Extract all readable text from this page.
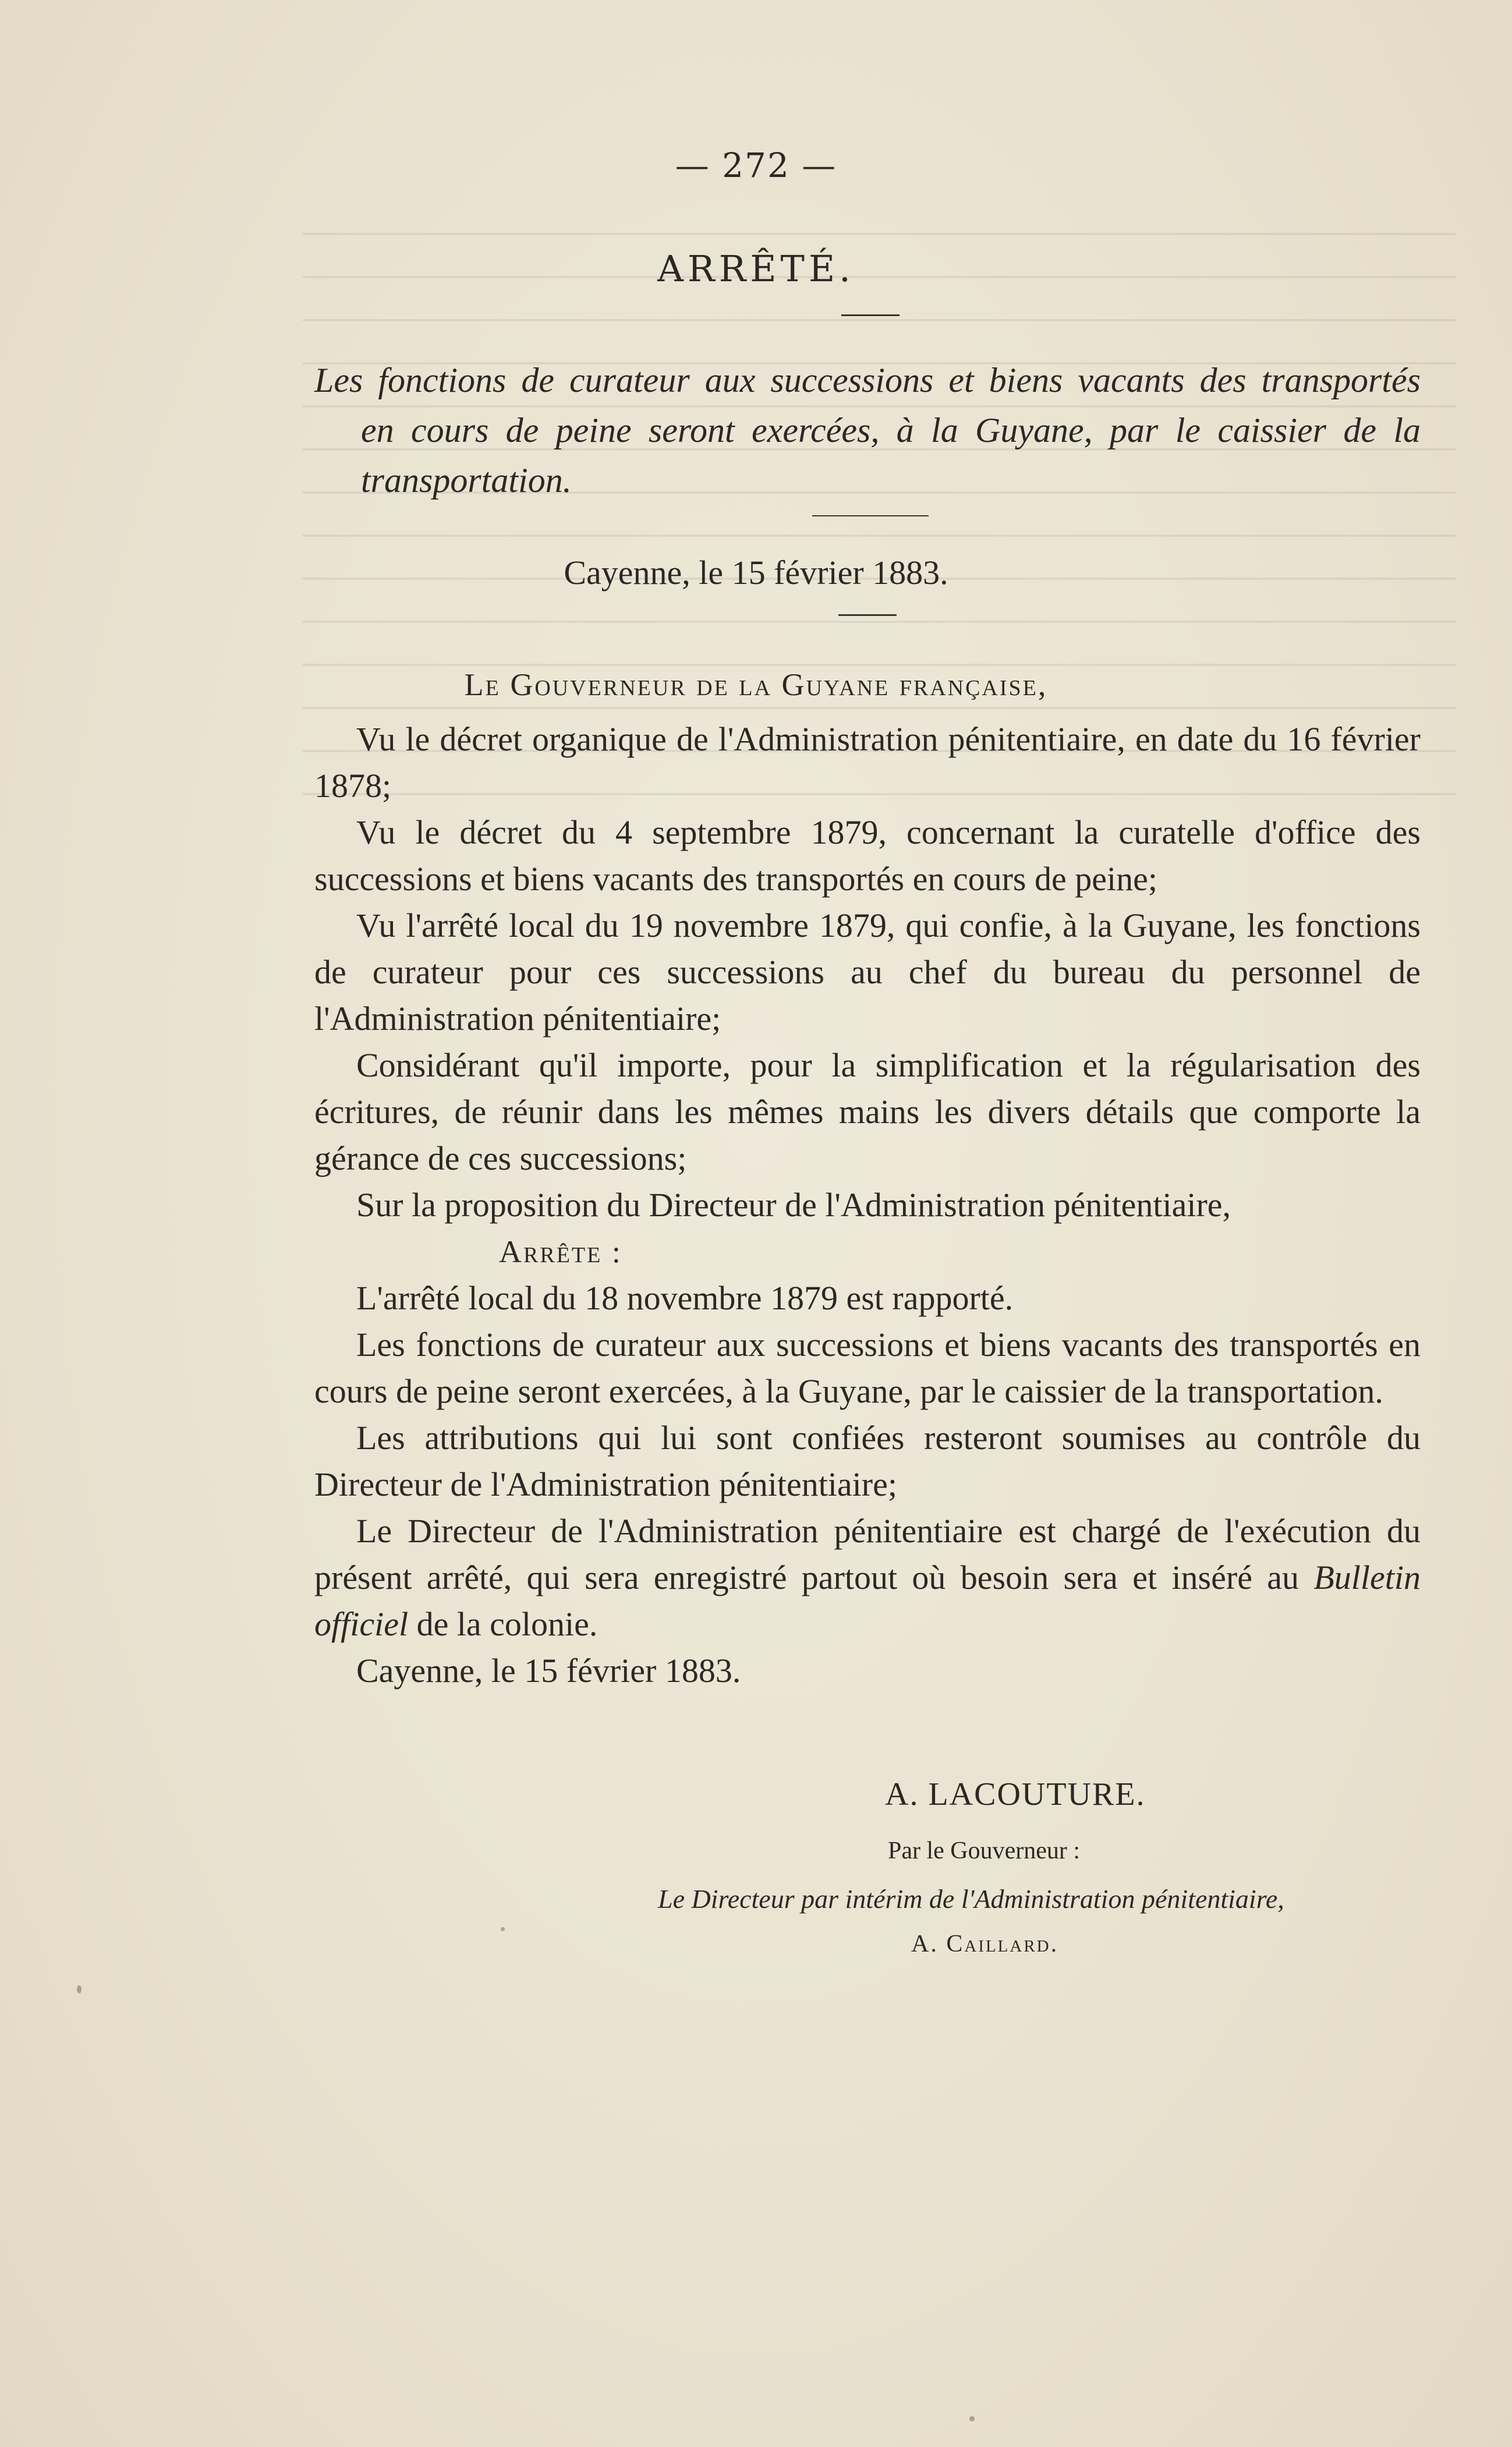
— 272 —
ARRÊTÉ.
Les fonctions de curateur aux successions et biens vacants des transportés
en cours de peine seront exercées, à la Guyane, par le caissier de la
transportation.
Cayenne, le 15 février 1883.
Le Gouverneur de la Guyane française,

Vu le décret organique de l'Administration pénitentiaire, en date du 16 février 1878;

Vu le décret du 4 septembre 1879, concernant la curatelle d'office des successions et biens vacants des transportés en cours de peine;

Vu l'arrêté local du 19 novembre 1879, qui confie, à la Guyane, les fonctions de curateur pour ces successions au chef du bureau du personnel de l'Administration pénitentiaire;

Considérant qu'il importe, pour la simplification et la régularisation des écritures, de réunir dans les mêmes mains les divers détails que comporte la gérance de ces successions;

Sur la proposition du Directeur de l'Administration pénitentiaire,

Arrête :

L'arrêté local du 18 novembre 1879 est rapporté.

Les fonctions de curateur aux successions et biens vacants des transportés en cours de peine seront exercées, à la Guyane, par le caissier de la transportation.

Les attributions qui lui sont confiées resteront soumises au contrôle du Directeur de l'Administration pénitentiaire;

Le Directeur de l'Administration pénitentiaire est chargé de l'exécution du présent arrêté, qui sera enregistré partout où besoin sera et inséré au Bulletin officiel de la colonie.

Cayenne, le 15 février 1883.

A. LACOUTURE.
Par le Gouverneur :
Le Directeur par intérim de l'Administration pénitentiaire,
A. Caillard.
